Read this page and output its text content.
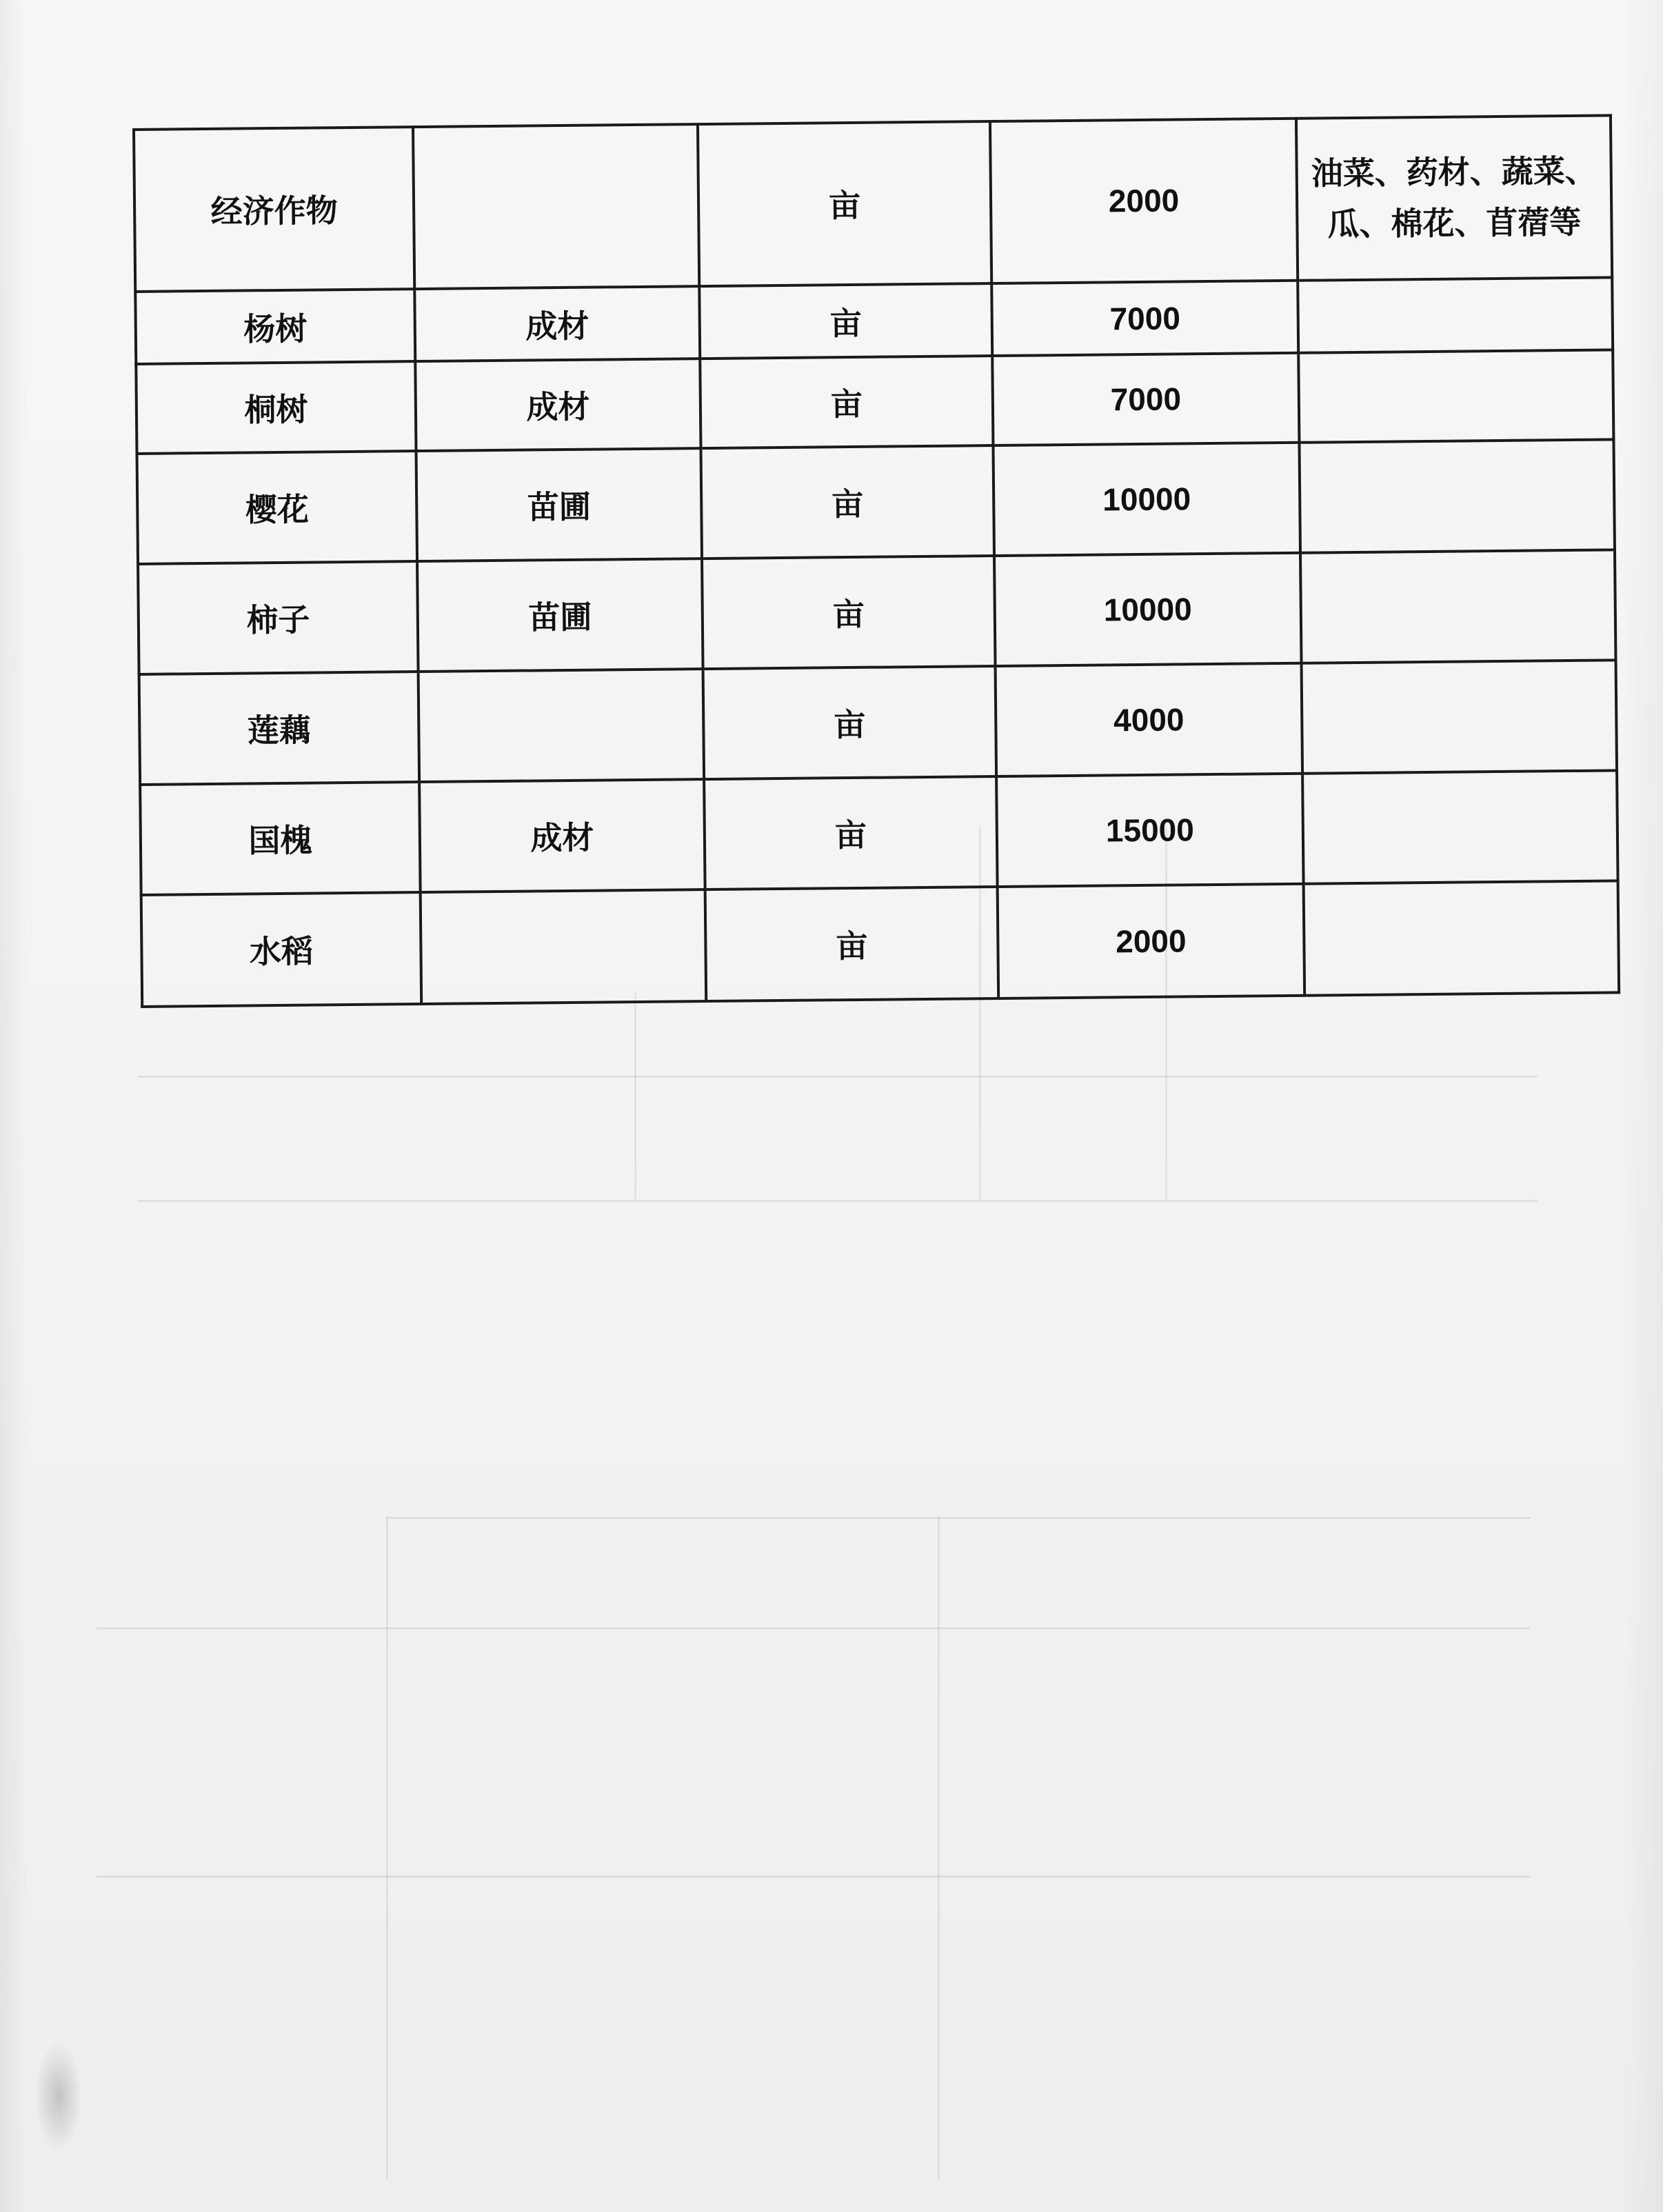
经济作物		亩	2000	油菜、药材、蔬菜、瓜、棉花、苜蓿等
杨树	成材	亩	7000	
桐树	成材	亩	7000	
樱花	苗圃	亩	10000	
柿子	苗圃	亩	10000	
莲藕		亩	4000	
国槐	成材	亩	15000	
水稻		亩	2000	
